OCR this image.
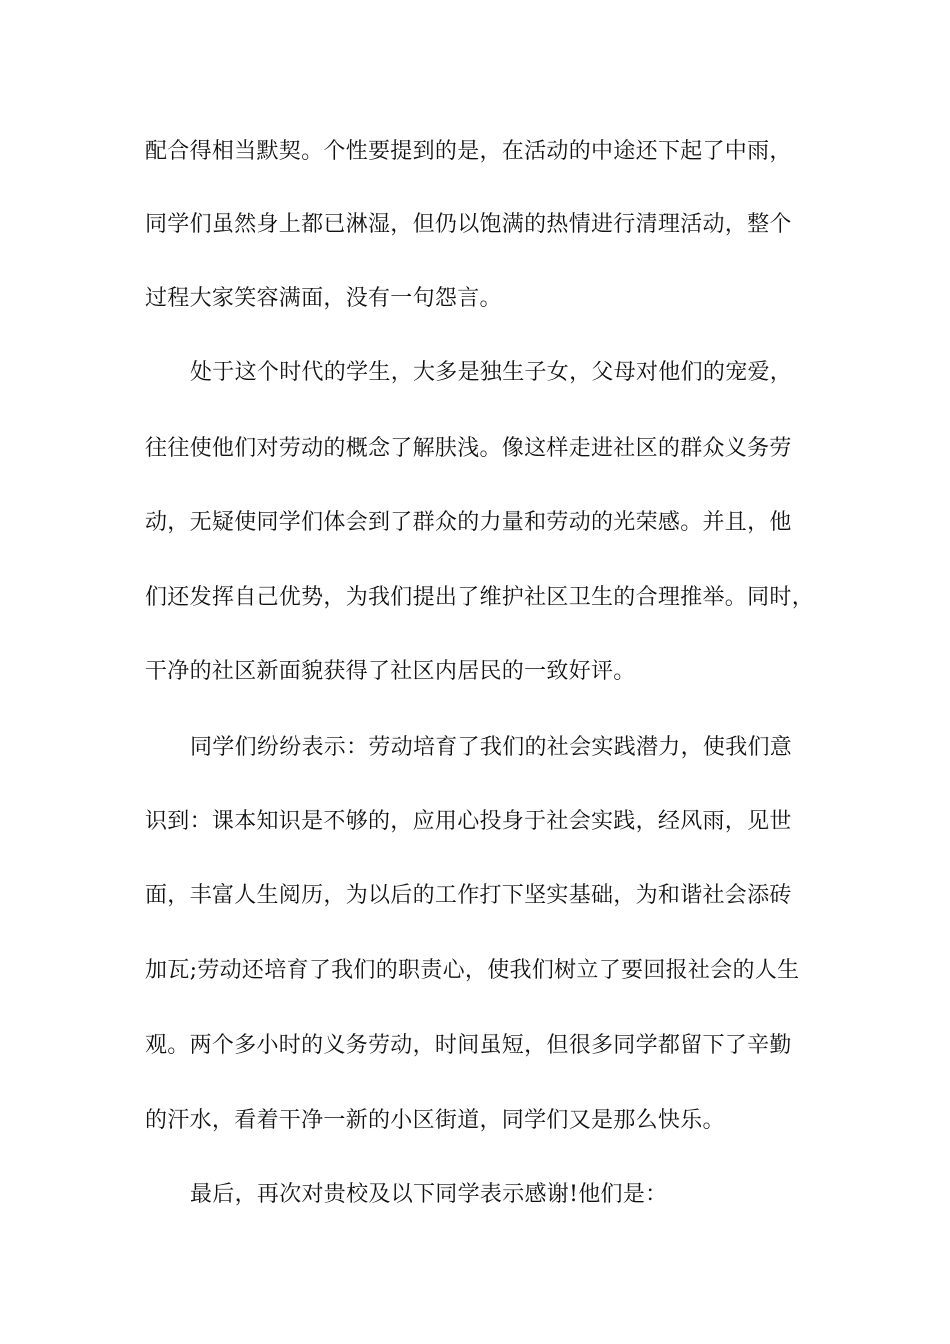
配合得相当默契。个性要提到的是，在活动的中途还下起了中雨，
同学们虽然身上都已淋湿，但仍以饱满的热情进行清理活动，整个
过程大家笑容满面，没有一句怨言。
处于这个时代的学生，大多是独生子女，父母对他们的宠爱，
往往使他们对劳动的概念了解肤浅。像这样走进社区的群众义务劳
动，无疑使同学们体会到了群众的力量和劳动的光荣感。并且，他
们还发挥自己优势，为我们提出了维护社区卫生的合理推举。同时，
干净的社区新面貌获得了社区内居民的一致好评。
同学们纷纷表示：劳动培育了我们的社会实践潜力，使我们意
识到：课本知识是不够的，应用心投身于社会实践，经风雨，见世
面，丰富人生阅历，为以后的工作打下坚实基础，为和谐社会添砖
加瓦;劳动还培育了我们的职责心，使我们树立了要回报社会的人生
观。两个多小时的义务劳动，时间虽短，但很多同学都留下了辛勤
的汗水，看着干净一新的小区街道，同学们又是那么快乐。
最后，再次对贵校及以下同学表示感谢!他们是：
